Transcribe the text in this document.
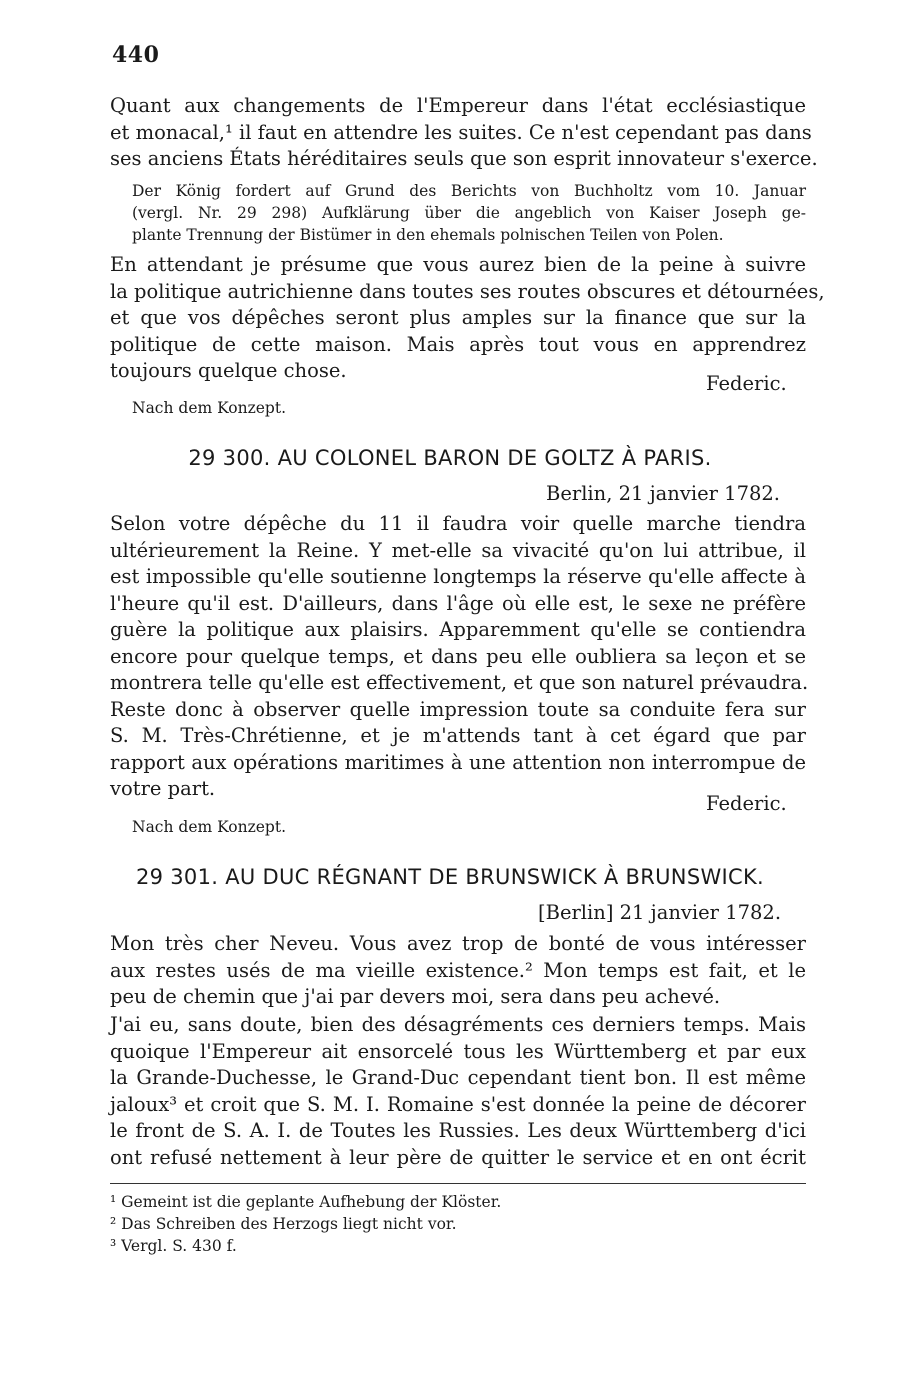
440
Quant aux changements de l'Empereur dans l'état ecclésiastique
et monacal,¹ il faut en attendre les suites. Ce n'est cependant pas dans
ses anciens États héréditaires seuls que son esprit innovateur s'exerce.
Der König fordert auf Grund des Berichts von Buchholtz vom 10. Januar
(vergl. Nr. 29 298) Aufklärung über die angeblich von Kaiser Joseph ge-
plante Trennung der Bistümer in den ehemals polnischen Teilen von Polen.
En attendant je présume que vous aurez bien de la peine à suivre
la politique autrichienne dans toutes ses routes obscures et détournées,
et que vos dépêches seront plus amples sur la finance que sur la
politique de cette maison. Mais après tout vous en apprendrez
toujours quelque chose.
Federic.
Nach dem Konzept.
29 300. AU COLONEL BARON DE GOLTZ À PARIS.
Berlin, 21 janvier 1782.
Selon votre dépêche du 11 il faudra voir quelle marche tiendra
ultérieurement la Reine. Y met-elle sa vivacité qu'on lui attribue, il
est impossible qu'elle soutienne longtemps la réserve qu'elle affecte à
l'heure qu'il est. D'ailleurs, dans l'âge où elle est, le sexe ne préfère
guère la politique aux plaisirs. Apparemment qu'elle se contiendra
encore pour quelque temps, et dans peu elle oubliera sa leçon et se
montrera telle qu'elle est effectivement, et que son naturel prévaudra.
Reste donc à observer quelle impression toute sa conduite fera sur
S. M. Très-Chrétienne, et je m'attends tant à cet égard que par
rapport aux opérations maritimes à une attention non interrompue de
votre part.
Federic.
Nach dem Konzept.
29 301. AU DUC RÉGNANT DE BRUNSWICK À BRUNSWICK.
[Berlin] 21 janvier 1782.
Mon très cher Neveu. Vous avez trop de bonté de vous intéresser
aux restes usés de ma vieille existence.² Mon temps est fait, et le
peu de chemin que j'ai par devers moi, sera dans peu achevé.
J'ai eu, sans doute, bien des désagréments ces derniers temps. Mais
quoique l'Empereur ait ensorcelé tous les Württemberg et par eux
la Grande-Duchesse, le Grand-Duc cependant tient bon. Il est même
jaloux³ et croit que S. M. I. Romaine s'est donnée la peine de décorer
le front de S. A. I. de Toutes les Russies. Les deux Württemberg d'ici
ont refusé nettement à leur père de quitter le service et en ont écrit
¹ Gemeint ist die geplante Aufhebung der Klöster.
² Das Schreiben des Herzogs liegt nicht vor.
³ Vergl. S. 430 f.
